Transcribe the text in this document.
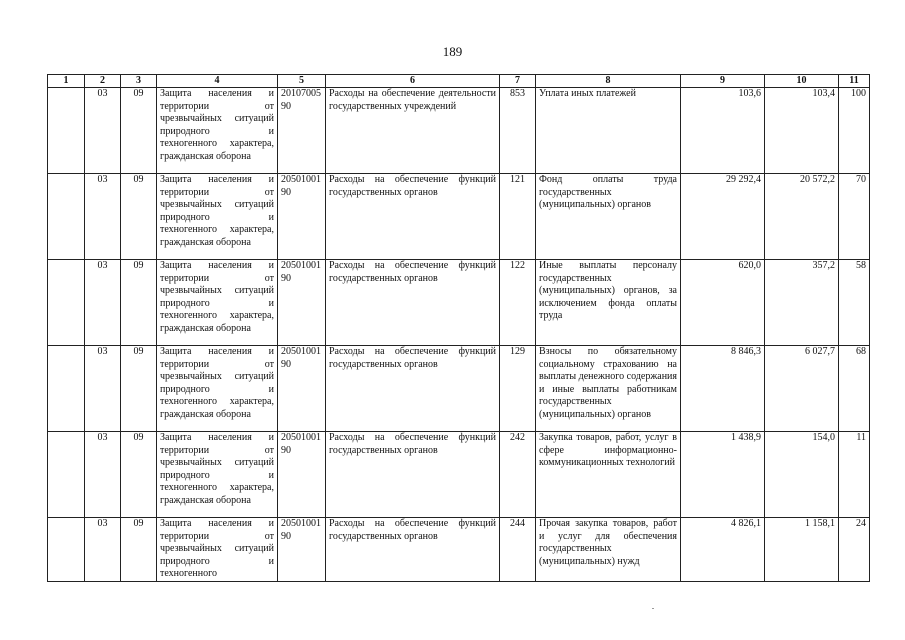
189
1	2	3	4	5	6	7	8	9	10	11
	03	09	Защита населения и территории от чрезвычайных ситуаций природного и техногенного характера, гражданская оборона	2010700590	Расходы на обеспечение деятельности государственных учреждений	853	Уплата иных платежей	103,6	103,4	100
	03	09	Защита населения и территории от чрезвычайных ситуаций природного и техногенного характера, гражданская оборона	2050100190	Расходы на обеспечение функций государственных органов	121	Фонд оплаты труда государственных (муниципальных) органов	29 292,4	20 572,2	70
	03	09	Защита населения и территории от чрезвычайных ситуаций природного и техногенного характера, гражданская оборона	2050100190	Расходы на обеспечение функций государственных органов	122	Иные выплаты персоналу государственных (муниципальных) органов, за исключением фонда оплаты труда	620,0	357,2	58
	03	09	Защита населения и территории от чрезвычайных ситуаций природного и техногенного характера, гражданская оборона	2050100190	Расходы на обеспечение функций государственных органов	129	Взносы по обязательному социальному страхованию на выплаты денежного содержания и иные выплаты работникам государственных (муниципальных) органов	8 846,3	6 027,7	68
	03	09	Защита населения и территории от чрезвычайных ситуаций природного и техногенного характера, гражданская оборона	2050100190	Расходы на обеспечение функций государственных органов	242	Закупка товаров, работ, услуг в сфере информационно-коммуникационных технологий	1 438,9	154,0	11
	03	09	Защита населения и территории от чрезвычайных ситуаций природного и техногенного	2050100190	Расходы на обеспечение функций государственных органов	244	Прочая закупка товаров, работ и услуг для обеспечения государственных (муниципальных) нужд	4 826,1	1 158,1	24
